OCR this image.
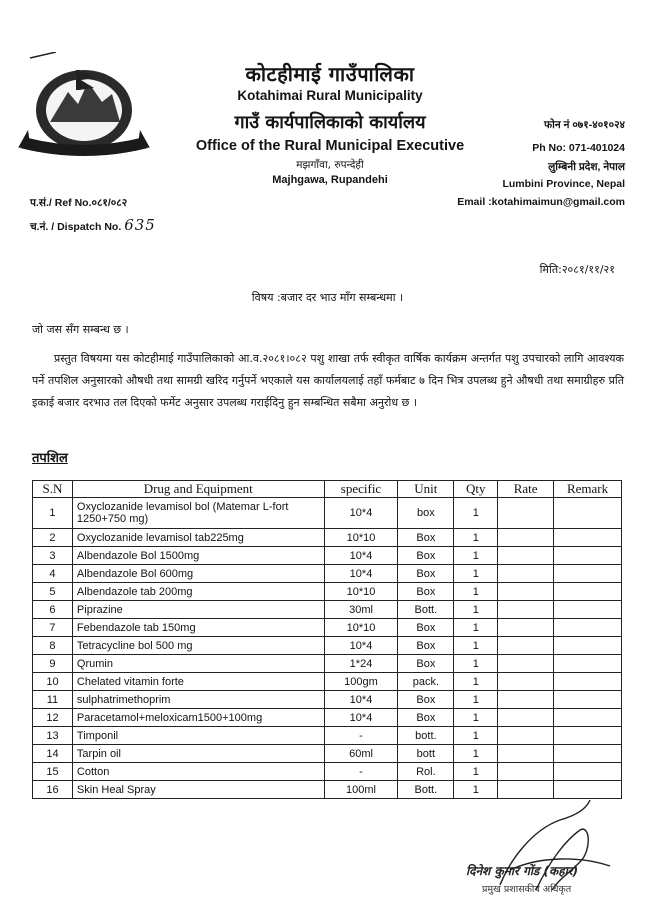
कोटहीमाई गाउँपालिका
Kotahimai Rural Municipality
गाउँ कार्यपालिकाको कार्यालय
Office of the Rural Municipal Executive
मझगाँवा, रुपन्देही
Majhgawa, Rupandehi
फोन नं ०७१-४०१०२४
Ph No: 071-401024
लुम्बिनी प्रदेश, नेपाल
Lumbini Province, Nepal
Email :kotahimaimun@gmail.com
प.सं./ Ref No.०८१/०८२
च.नं. / Dispatch No. 635
मिति:२०८१/११/२१
विषय :बजार दर भाउ माँग सम्बन्धमा ।
जो जस सँग सम्बन्ध छ ।
प्रस्तुत विषयमा यस कोटहीमाई गाउँपालिकाको आ.व.२०८१।०८२ पशु शाखा तर्फ स्वीकृत वार्षिक कार्यक्रम अन्तर्गत पशु उपचारको लागि आवश्यक पर्ने तपशिल अनुसारको औषधी तथा सामग्री खरिद गर्नुपर्ने भएकाले यस कार्यालयलाई तहाँ फर्मबाट ७ दिन भित्र उपलब्ध हुने औषधी तथा समाग्रीहरु प्रति इकाई बजार दरभाउ तल दिएको फर्मेट अनुसार उपलब्ध गराईदिनु हुन सम्बन्धित सबैमा अनुरोध छ ।
तपशिल
S.N	Drug and Equipment	specific	Unit	Qty	Rate	Remark
1	Oxyclozanide levamisol bol (Matemar L-fort 1250+750 mg)	10*4	box	1		
2	Oxyclozanide levamisol tab225mg	10*10	Box	1		
3	Albendazole Bol 1500mg	10*4	Box	1		
4	Albendazole Bol 600mg	10*4	Box	1		
5	Albendazole tab 200mg	10*10	Box	1		
6	Piprazine	30ml	Bott.	1		
7	Febendazole tab 150mg	10*10	Box	1		
8	Tetracycline bol 500 mg	10*4	Box	1		
9	Qrumin	1*24	Box	1		
10	Chelated vitamin forte	100gm	pack.	1		
11	sulphatrimethoprim	10*4	Box	1		
12	Paracetamol+meloxicam1500+100mg	10*4	Box	1		
13	Timponil	-	bott.	1		
14	Tarpin oil	60ml	bott	1		
15	Cotton	-	Rol.	1		
16	Skin Heal Spray	100ml	Bott.	1		
दिनेश कुमार गोंड (कहार)
प्रमुख प्रशासकीय अधिकृत
